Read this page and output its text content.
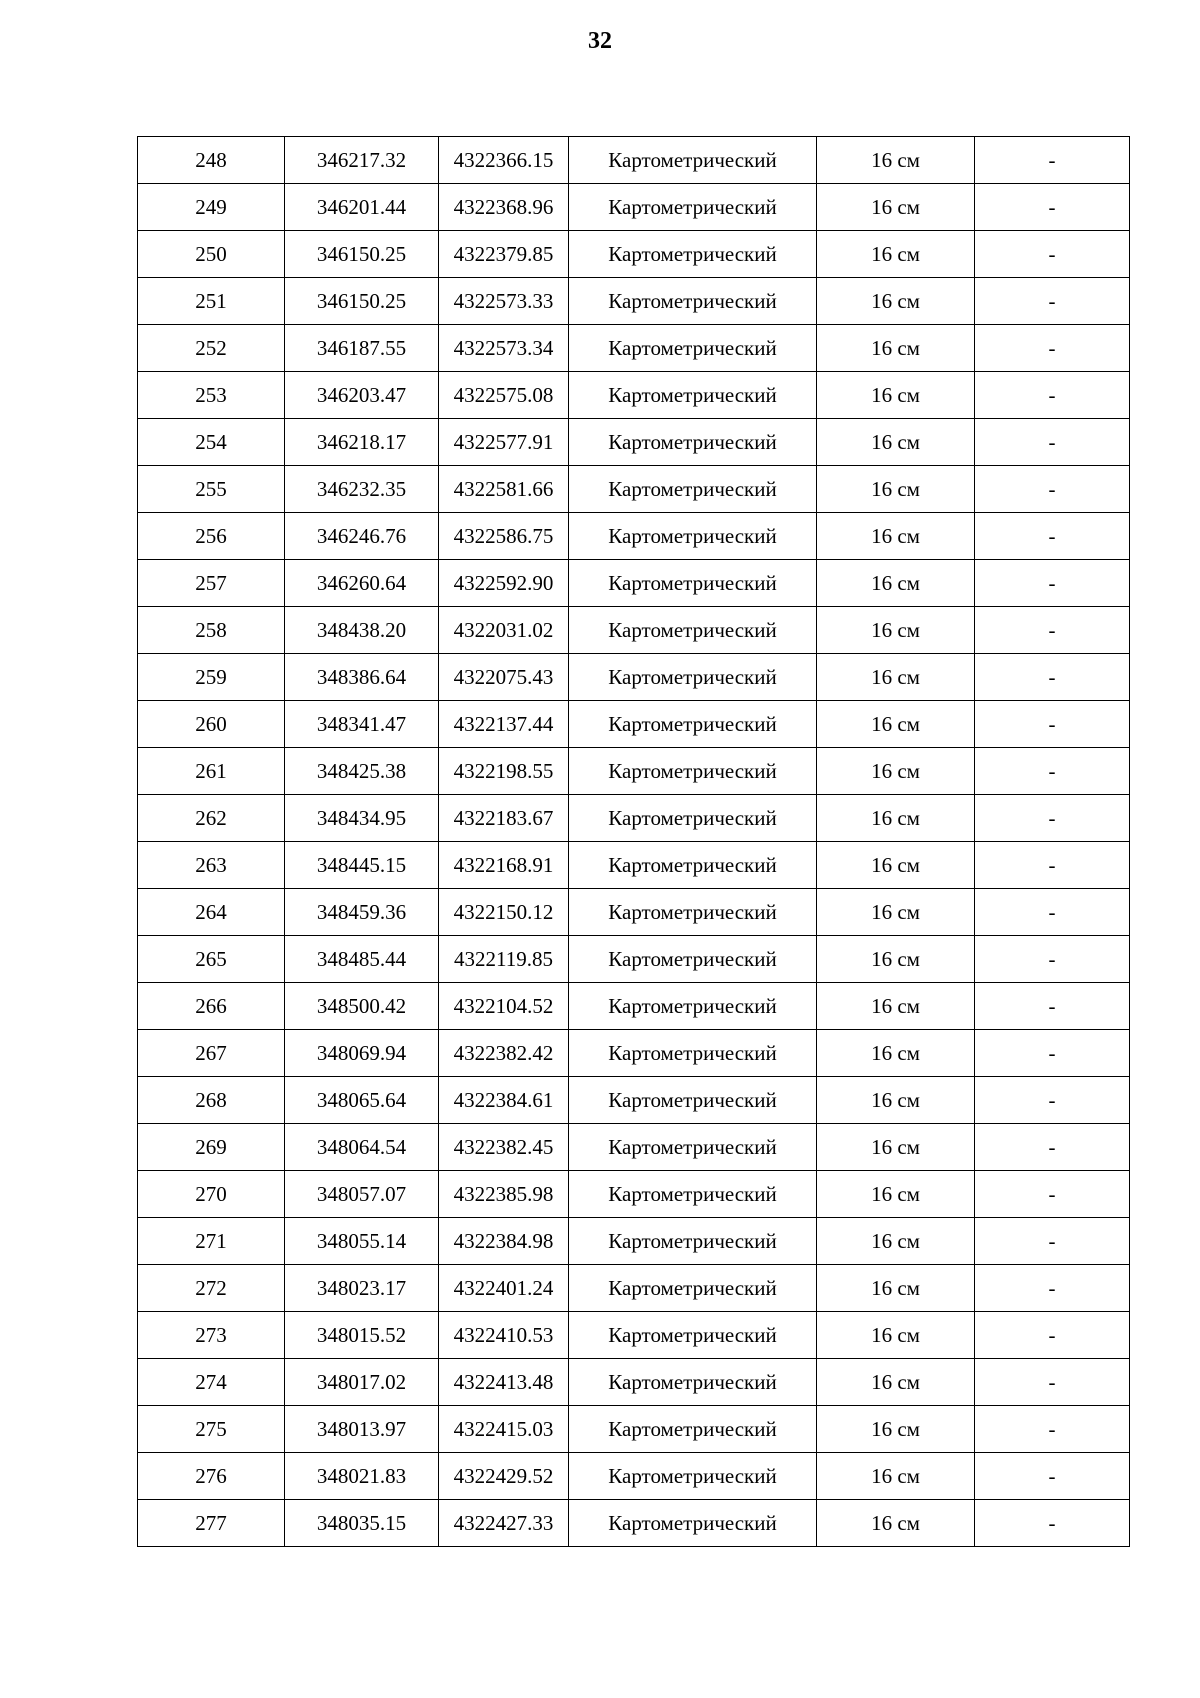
32
248	346217.32	4322366.15	Картометрический	16 см	-
249	346201.44	4322368.96	Картометрический	16 см	-
250	346150.25	4322379.85	Картометрический	16 см	-
251	346150.25	4322573.33	Картометрический	16 см	-
252	346187.55	4322573.34	Картометрический	16 см	-
253	346203.47	4322575.08	Картометрический	16 см	-
254	346218.17	4322577.91	Картометрический	16 см	-
255	346232.35	4322581.66	Картометрический	16 см	-
256	346246.76	4322586.75	Картометрический	16 см	-
257	346260.64	4322592.90	Картометрический	16 см	-
258	348438.20	4322031.02	Картометрический	16 см	-
259	348386.64	4322075.43	Картометрический	16 см	-
260	348341.47	4322137.44	Картометрический	16 см	-
261	348425.38	4322198.55	Картометрический	16 см	-
262	348434.95	4322183.67	Картометрический	16 см	-
263	348445.15	4322168.91	Картометрический	16 см	-
264	348459.36	4322150.12	Картометрический	16 см	-
265	348485.44	4322119.85	Картометрический	16 см	-
266	348500.42	4322104.52	Картометрический	16 см	-
267	348069.94	4322382.42	Картометрический	16 см	-
268	348065.64	4322384.61	Картометрический	16 см	-
269	348064.54	4322382.45	Картометрический	16 см	-
270	348057.07	4322385.98	Картометрический	16 см	-
271	348055.14	4322384.98	Картометрический	16 см	-
272	348023.17	4322401.24	Картометрический	16 см	-
273	348015.52	4322410.53	Картометрический	16 см	-
274	348017.02	4322413.48	Картометрический	16 см	-
275	348013.97	4322415.03	Картометрический	16 см	-
276	348021.83	4322429.52	Картометрический	16 см	-
277	348035.15	4322427.33	Картометрический	16 см	-
